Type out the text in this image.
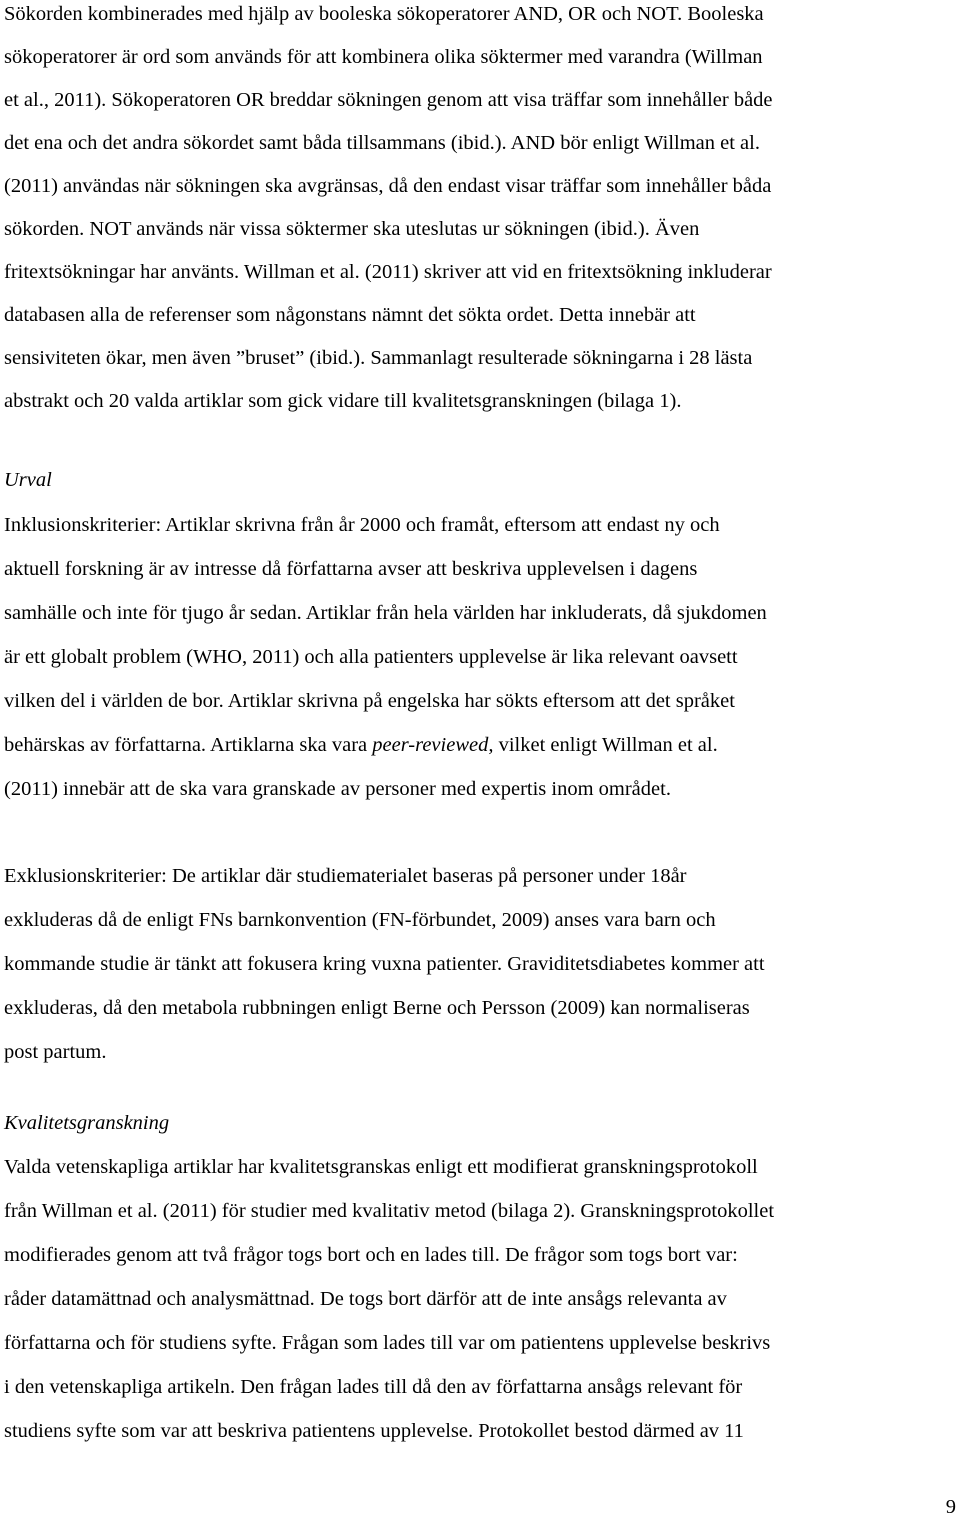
Sökorden kombinerades med hjälp av booleska sökoperatorer AND, OR och NOT. Booleska
sökoperatorer är ord som används för att kombinera olika söktermer med varandra (Willman
et al., 2011). Sökoperatoren OR breddar sökningen genom att visa träffar som innehåller både
det ena och det andra sökordet samt båda tillsammans (ibid.). AND bör enligt Willman et al.
(2011) användas när sökningen ska avgränsas, då den endast visar träffar som innehåller båda
sökorden. NOT används när vissa söktermer ska uteslutas ur sökningen (ibid.). Även
fritextsökningar har använts. Willman et al. (2011) skriver att vid en fritextsökning inkluderar
databasen alla de referenser som någonstans nämnt det sökta ordet. Detta innebär att
sensiviteten ökar, men även ”bruset” (ibid.). Sammanlagt resulterade sökningarna i 28 lästa
abstrakt och 20 valda artiklar som gick vidare till kvalitetsgranskningen (bilaga 1).
Urval
Inklusionskriterier: Artiklar skrivna från år 2000 och framåt, eftersom att endast ny och
aktuell forskning är av intresse då författarna avser att beskriva upplevelsen i dagens
samhälle och inte för tjugo år sedan. Artiklar från hela världen har inkluderats, då sjukdomen
är ett globalt problem (WHO, 2011) och alla patienters upplevelse är lika relevant oavsett
vilken del i världen de bor. Artiklar skrivna på engelska har sökts eftersom att det språket
behärskas av författarna. Artiklarna ska vara peer-reviewed, vilket enligt Willman et al.
(2011) innebär att de ska vara granskade av personer med expertis inom området.
Exklusionskriterier: De artiklar där studiematerialet baseras på personer under 18år
exkluderas då de enligt FNs barnkonvention (FN-förbundet, 2009) anses vara barn och
kommande studie är tänkt att fokusera kring vuxna patienter. Graviditetsdiabetes kommer att
exkluderas, då den metabola rubbningen enligt Berne och Persson (2009) kan normaliseras
post partum.
Kvalitetsgranskning
Valda vetenskapliga artiklar har kvalitetsgranskas enligt ett modifierat granskningsprotokoll
från Willman et al. (2011) för studier med kvalitativ metod (bilaga 2). Granskningsprotokollet
modifierades genom att två frågor togs bort och en lades till. De frågor som togs bort var:
råder datamättnad och analysmättnad. De togs bort därför att de inte ansågs relevanta av
författarna och för studiens syfte. Frågan som lades till var om patientens upplevelse beskrivs
i den vetenskapliga artikeln. Den frågan lades till då den av författarna ansågs relevant för
studiens syfte som var att beskriva patientens upplevelse. Protokollet bestod därmed av 11
9
